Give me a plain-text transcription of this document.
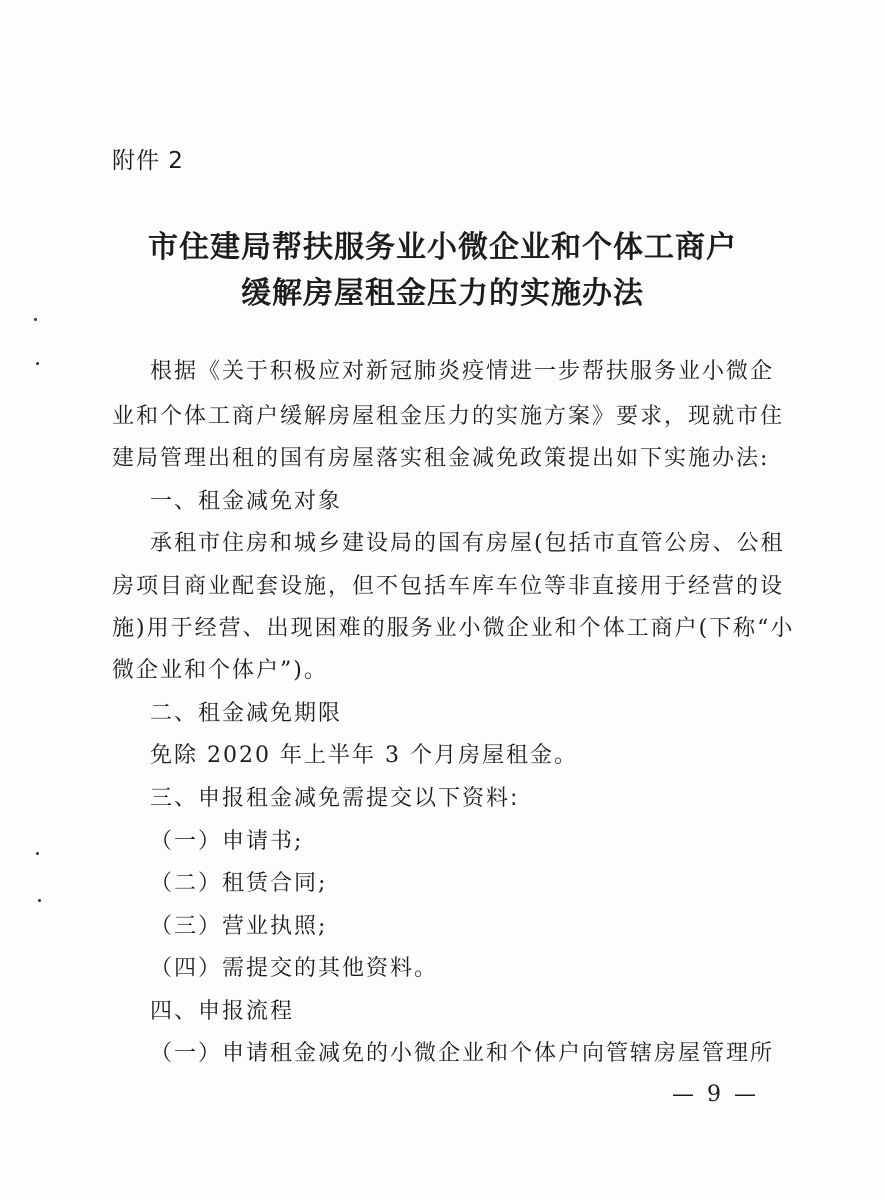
附件 2
市住建局帮扶服务业小微企业和个体工商户
缓解房屋租金压力的实施办法
根据《关于积极应对新冠肺炎疫情进一步帮扶服务业小微企
业和个体工商户缓解房屋租金压力的实施方案》要求，现就市住
建局管理出租的国有房屋落实租金减免政策提出如下实施办法:
一、租金减免对象
承租市住房和城乡建设局的国有房屋(包括市直管公房、公租
房项目商业配套设施，但不包括车库车位等非直接用于经营的设
施)用于经营、出现困难的服务业小微企业和个体工商户(下称“小
微企业和个体户”)。
二、租金减免期限
免除 2020 年上半年 3 个月房屋租金。
三、申报租金减免需提交以下资料:
（一）申请书;
（二）租赁合同;
（三）营业执照;
（四）需提交的其他资料。
四、申报流程
（一）申请租金减免的小微企业和个体户向管辖房屋管理所
— 9 —
